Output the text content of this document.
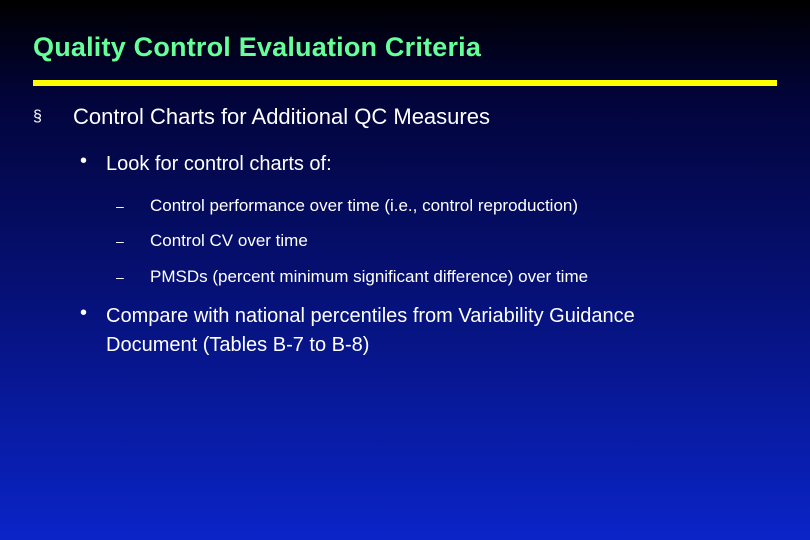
Quality Control Evaluation Criteria
§ Control Charts for Additional QC Measures
• Look for control charts of:
– Control performance over time (i.e., control reproduction)
– Control CV over time
– PMSDs (percent minimum significant difference) over time
• Compare with national percentiles from Variability Guidance
Document (Tables B-7 to B-8)
